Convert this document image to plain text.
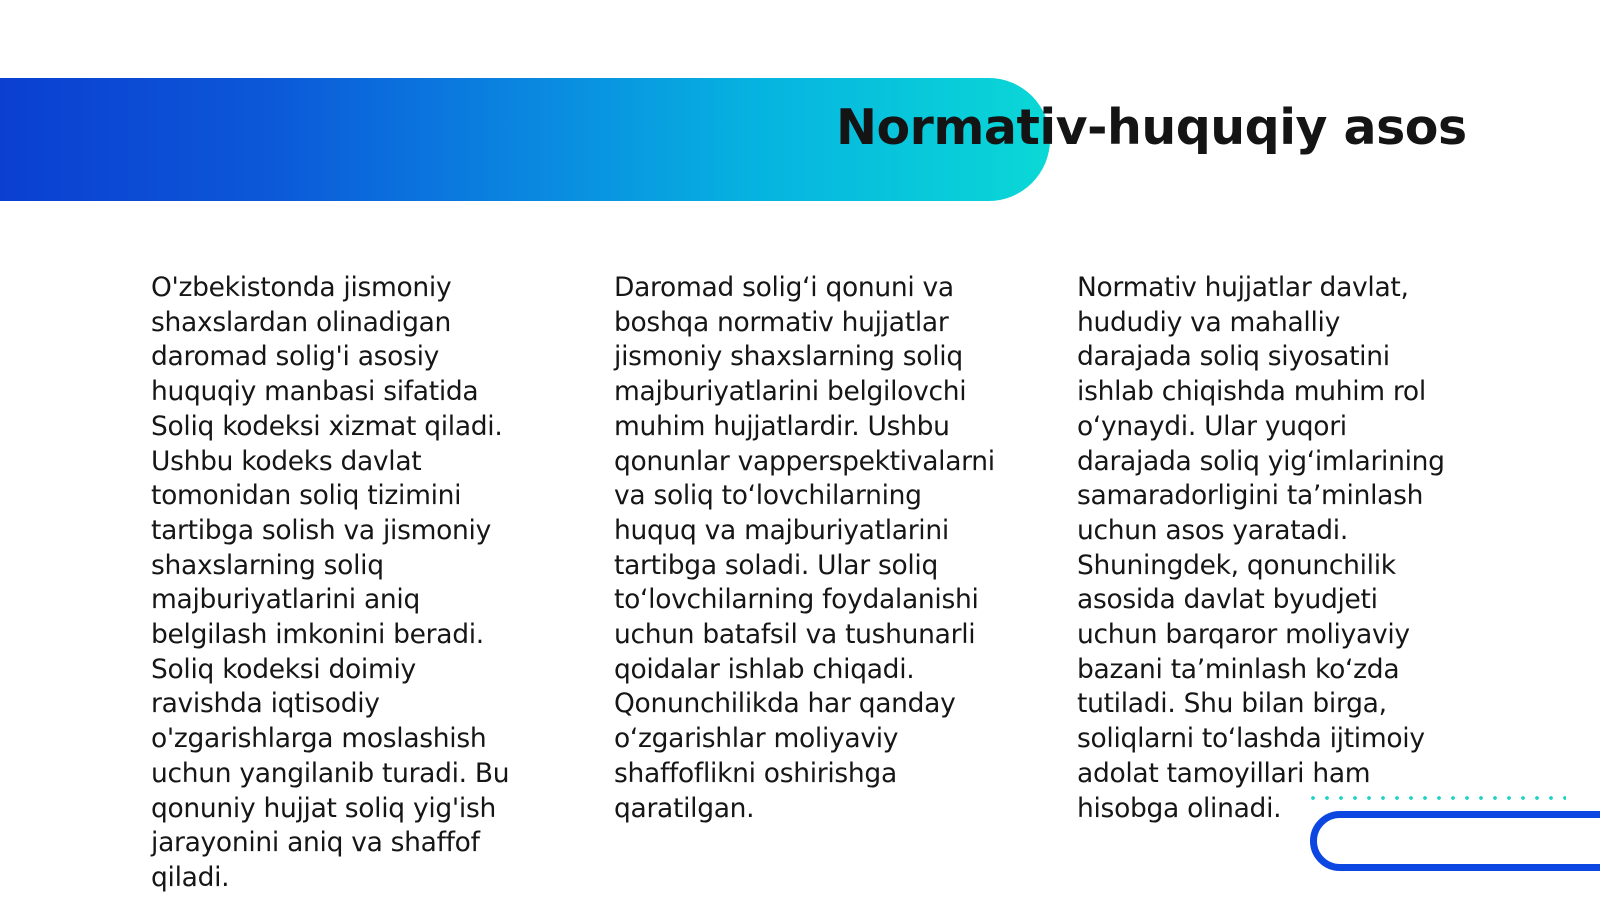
Normativ-huquqiy asos

O'zbekistonda jismoniy shaxslardan olinadigan daromad solig'i asosiy huquqiy manbasi sifatida Soliq kodeksi xizmat qiladi. Ushbu kodeks davlat tomonidan soliq tizimini tartibga solish va jismoniy shaxslarning soliq majburiyatlarini aniq belgilash imkonini beradi. Soliq kodeksi doimiy ravishda iqtisodiy o'zgarishlarga moslashish uchun yangilanib turadi. Bu qonuniy hujjat soliq yig'ish jarayonini aniq va shaffof qiladi.

Daromad solig‘i qonuni va boshqa normativ hujjatlar jismoniy shaxslarning soliq majburiyatlarini belgilovchi muhim hujjatlardir. Ushbu qonunlar vapperspektivalarni va soliq to‘lovchilarning huquq va majburiyatlarini tartibga soladi. Ular soliq to‘lovchilarning foydalanishi uchun batafsil va tushunarli qoidalar ishlab chiqadi. Qonunchilikda har qanday o‘zgarishlar moliyaviy shaffoflikni oshirishga qaratilgan.

Normativ hujjatlar davlat, hududiy va mahalliy darajada soliq siyosatini ishlab chiqishda muhim rol o‘ynaydi. Ular yuqori darajada soliq yig‘imlarining samaradorligini ta’minlash uchun asos yaratadi. Shuningdek, qonunchilik asosida davlat byudjeti uchun barqaror moliyaviy bazani ta’minlash ko‘zda tutiladi. Shu bilan birga, soliqlarni to‘lashda ijtimoiy adolat tamoyillari ham hisobga olinadi.
